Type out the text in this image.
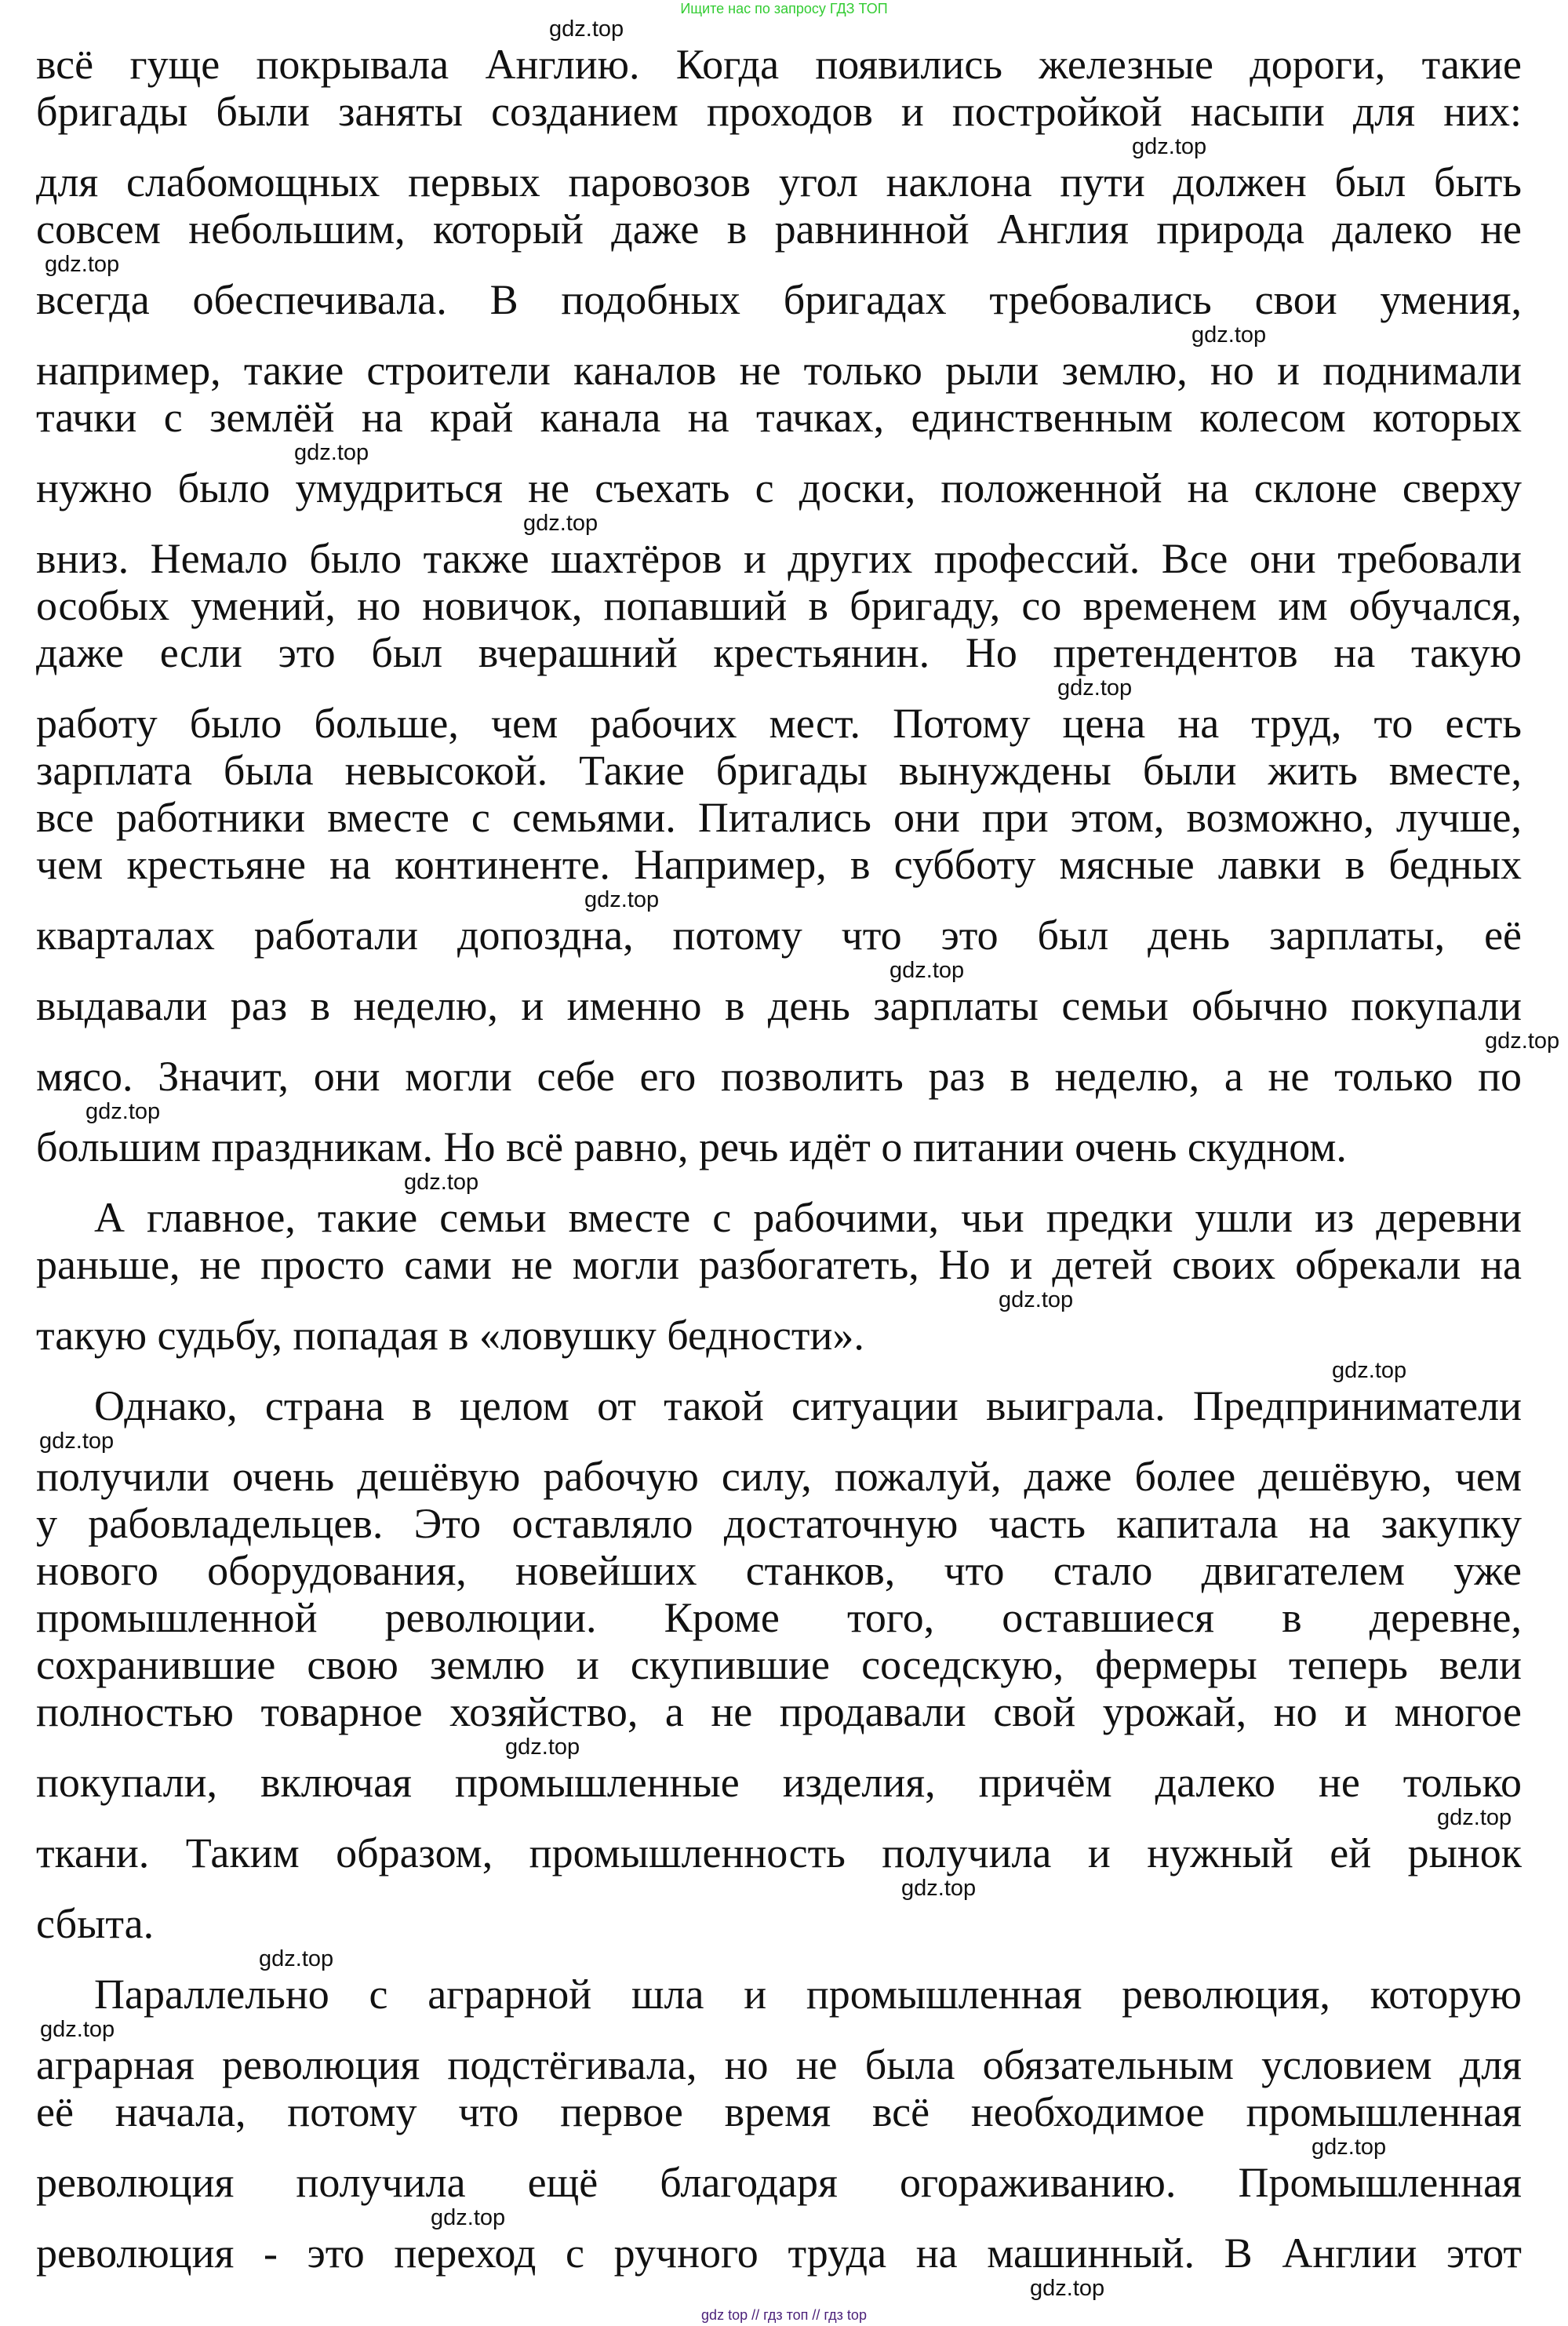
Ищите нас по запросу ГДЗ ТОП
gdz.top
всё гуще покрывала Англию. Когда появились железные дороги, такие
бригады были заняты созданием проходов и постройкой насыпи для них:
gdz.top
для слабомощных первых паровозов угол наклона пути должен был быть
совсем небольшим, который даже в равнинной Англия природа далеко не
gdz.top
всегда обеспечивала. В подобных бригадах требовались свои умения,
gdz.top
например, такие строители каналов не только рыли землю, но и поднимали
тачки с землёй на край канала на тачках, единственным колесом которых
gdz.top
нужно было умудриться не съехать с доски, положенной на склоне сверху
gdz.top
вниз. Немало было также шахтёров и других профессий. Все они требовали
особых умений, но новичок, попавший в бригаду, со временем им обучался,
даже если это был вчерашний крестьянин. Но претендентов на такую
gdz.top
работу было больше, чем рабочих мест. Потому цена на труд, то есть
зарплата была невысокой. Такие бригады вынуждены были жить вместе,
все работники вместе с семьями. Питались они при этом, возможно, лучше,
чем крестьяне на континенте. Например, в субботу мясные лавки в бедных
gdz.top
кварталах работали допоздна, потому что это был день зарплаты, её
gdz.top
выдавали раз в неделю, и именно в день зарплаты семьи обычно покупали
gdz.top
мясо. Значит, они могли себе его позволить раз в неделю, а не только по
gdz.top
большим праздникам. Но всё равно, речь идёт о питании очень скудном.
gdz.top
А главное, такие семьи вместе с рабочими, чьи предки ушли из деревни
раньше, не просто сами не могли разбогатеть, Но и детей своих обрекали на
gdz.top
такую судьбу, попадая в «ловушку бедности».
gdz.top
Однако, страна в целом от такой ситуации выиграла. Предприниматели
gdz.top
получили очень дешёвую рабочую силу, пожалуй, даже более дешёвую, чем
у рабовладельцев. Это оставляло достаточную часть капитала на закупку
нового оборудования, новейших станков, что стало двигателем уже
промышленной революции. Кроме того, оставшиеся в деревне,
сохранившие свою землю и скупившие соседскую, фермеры теперь вели
полностью товарное хозяйство, а не продавали свой урожай, но и многое
gdz.top
покупали, включая промышленные изделия, причём далеко не только
gdz.top
ткани. Таким образом, промышленность получила и нужный ей рынок
gdz.top
сбыта.
gdz.top
Параллельно с аграрной шла и промышленная революция, которую
gdz.top
аграрная революция подстёгивала, но не была обязательным условием для
её начала, потому что первое время всё необходимое промышленная
gdz.top
революция получила ещё благодаря огораживанию. Промышленная
gdz.top
революция - это переход с ручного труда на машинный. В Англии этот
gdz.top
gdz top // гдз топ // гдз top
